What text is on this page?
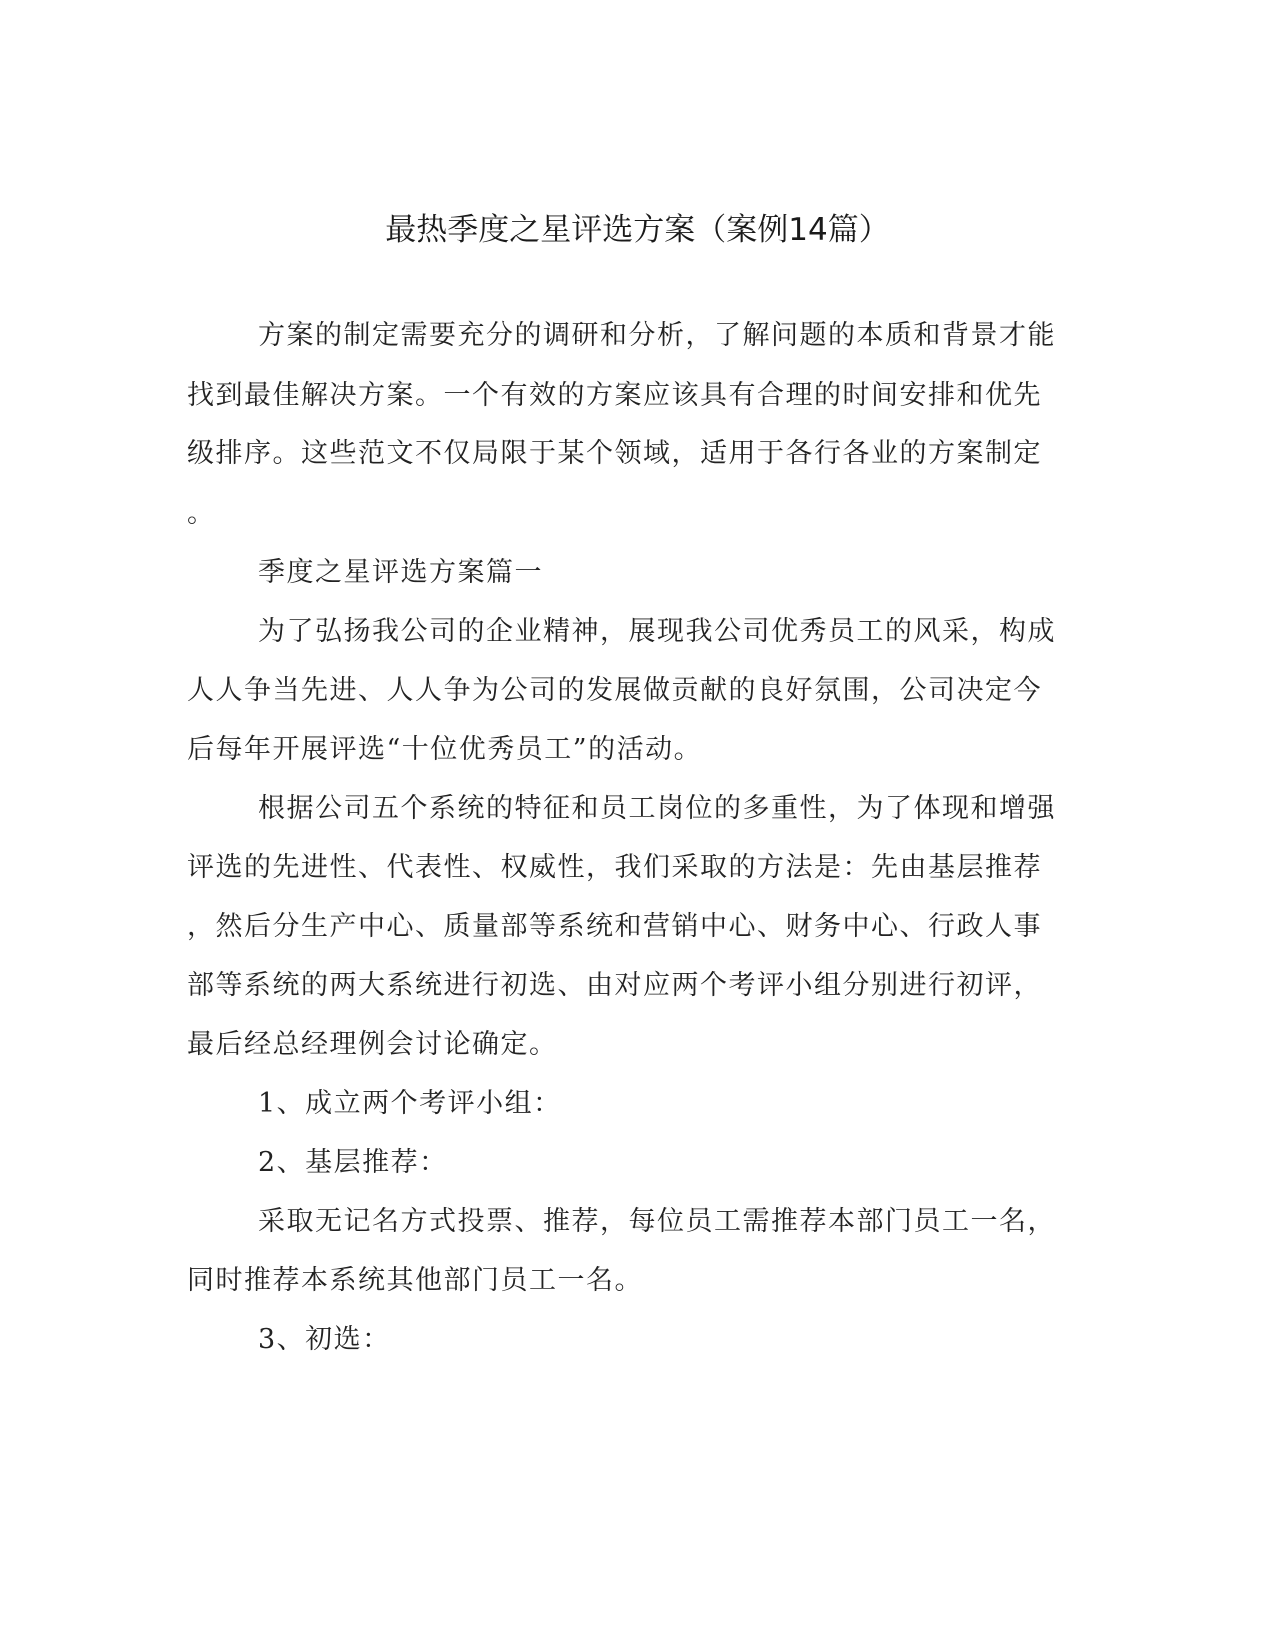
最热季度之星评选方案（案例14篇）
方案的制定需要充分的调研和分析，了解问题的本质和背景才能
找到最佳解决方案。一个有效的方案应该具有合理的时间安排和优先
级排序。这些范文不仅局限于某个领域，适用于各行各业的方案制定
。
季度之星评选方案篇一
为了弘扬我公司的企业精神，展现我公司优秀员工的风采，构成
人人争当先进、人人争为公司的发展做贡献的良好氛围，公司决定今
后每年开展评选“十位优秀员工”的活动。
根据公司五个系统的特征和员工岗位的多重性，为了体现和增强
评选的先进性、代表性、权威性，我们采取的方法是：先由基层推荐
，然后分生产中心、质量部等系统和营销中心、财务中心、行政人事
部等系统的两大系统进行初选、由对应两个考评小组分别进行初评，
最后经总经理例会讨论确定。
1、成立两个考评小组：
2、基层推荐：
采取无记名方式投票、推荐，每位员工需推荐本部门员工一名，
同时推荐本系统其他部门员工一名。
3、初选：
